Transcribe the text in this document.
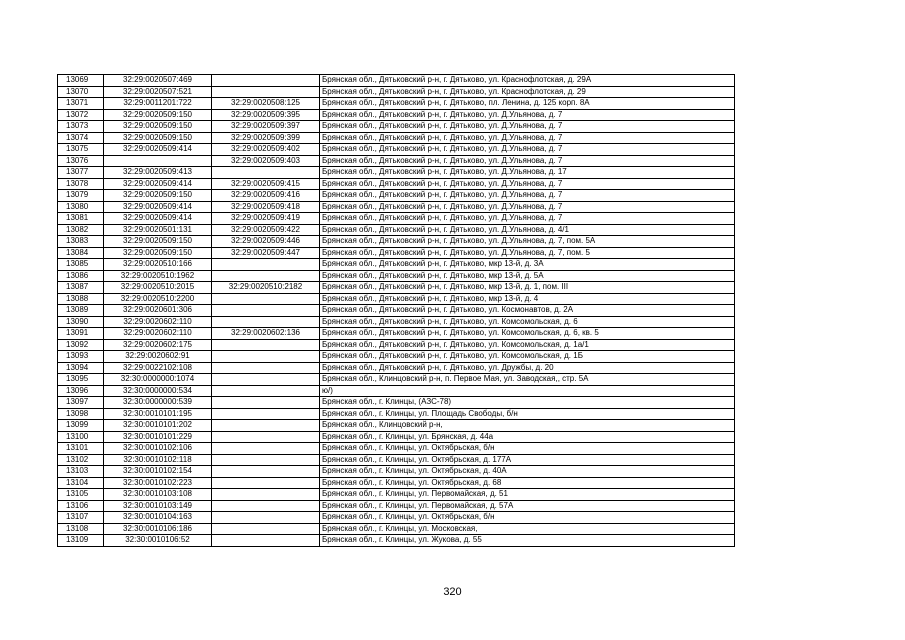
13069	32:29:0020507:469		Брянская обл., Дятьковский р-н, г. Дятьково, ул. Краснофлотская, д. 29А
13070	32:29:0020507:521		Брянская обл., Дятьковский р-н, г. Дятьково, ул. Краснофлотская, д. 29
13071	32:29:0011201:722	32:29:0020508:125	Брянская обл., Дятьковский р-н, г. Дятьково, пл. Ленина, д. 125 корп. 8А
13072	32:29:0020509:150	32:29:0020509:395	Брянская обл., Дятьковский р-н, г. Дятьково, ул. Д.Ульянова, д. 7
13073	32:29:0020509:150	32:29:0020509:397	Брянская обл., Дятьковский р-н, г. Дятьково, ул. Д.Ульянова, д. 7
13074	32:29:0020509:150	32:29:0020509:399	Брянская обл., Дятьковский р-н, г. Дятьково, ул. Д.Ульянова, д. 7
13075	32:29:0020509:414	32:29:0020509:402	Брянская обл., Дятьковский р-н, г. Дятьково, ул. Д.Ульянова, д. 7
13076		32:29:0020509:403	Брянская обл., Дятьковский р-н, г. Дятьково, ул. Д.Ульянова, д. 7
13077	32:29:0020509:413		Брянская обл., Дятьковский р-н, г. Дятьково, ул. Д.Ульянова, д. 17
13078	32:29:0020509:414	32:29:0020509:415	Брянская обл., Дятьковский р-н, г. Дятьково, ул. Д.Ульянова, д. 7
13079	32:29:0020509:150	32:29:0020509:416	Брянская обл., Дятьковский р-н, г. Дятьково, ул. Д.Ульянова, д. 7
13080	32:29:0020509:414	32:29:0020509:418	Брянская обл., Дятьковский р-н, г. Дятьково, ул. Д.Ульянова, д. 7
13081	32:29:0020509:414	32:29:0020509:419	Брянская обл., Дятьковский р-н, г. Дятьково, ул. Д.Ульянова, д. 7
13082	32:29:0020501:131	32:29:0020509:422	Брянская обл., Дятьковский р-н, г. Дятьково, ул. Д.Ульянова, д. 4/1
13083	32:29:0020509:150	32:29:0020509:446	Брянская обл., Дятьковский р-н, г. Дятьково, ул. Д.Ульянова, д. 7, пом. 5А
13084	32:29:0020509:150	32:29:0020509:447	Брянская обл., Дятьковский р-н, г. Дятьково, ул. Д.Ульянова, д. 7, пом. 5
13085	32:29:0020510:166		Брянская обл., Дятьковский р-н, г. Дятьково, мкр 13-й, д. 3А
13086	32:29:0020510:1962		Брянская обл., Дятьковский р-н, г. Дятьково, мкр 13-й, д. 5А
13087	32:29:0020510:2015	32:29:0020510:2182	Брянская обл., Дятьковский р-н, г. Дятьково, мкр 13-й, д. 1, пом. III
13088	32:29:0020510:2200		Брянская обл., Дятьковский р-н, г. Дятьково, мкр 13-й, д. 4
13089	32:29:0020601:306		Брянская обл., Дятьковский р-н, г. Дятьково, ул. Космонавтов, д. 2А
13090	32:29:0020602:110		Брянская обл., Дятьковский р-н, г. Дятьково, ул. Комсомольская, д. 6
13091	32:29:0020602:110	32:29:0020602:136	Брянская обл., Дятьковский р-н, г. Дятьково, ул. Комсомольская, д. 6, кв. 5
13092	32:29:0020602:175		Брянская обл., Дятьковский р-н, г. Дятьково, ул. Комсомольская, д. 1а/1
13093	32:29:0020602:91		Брянская обл., Дятьковский р-н, г. Дятьково, ул. Комсомольская, д. 1Б
13094	32:29:0022102:108		Брянская обл., Дятьковский р-н, г. Дятьково, ул. Дружбы, д. 20
13095	32:30:0000000:1074		Брянская обл., Клинцовский р-н, п. Первое Мая, ул. Заводская,, стр. 5А
13096	32:30:0000000:534		ю/)
13097	32:30:0000000:539		Брянская обл., г. Клинцы, (АЗС-78)
13098	32:30:0010101:195		Брянская обл., г. Клинцы, ул. Площадь Свободы, б/н
13099	32:30:0010101:202		Брянская обл., Клинцовский р-н,
13100	32:30:0010101:229		Брянская обл., г. Клинцы, ул. Брянская, д. 44а
13101	32:30:0010102:106		Брянская обл., г. Клинцы, ул. Октябрьская, б/н
13102	32:30:0010102:118		Брянская обл., г. Клинцы, ул. Октябрьская, д. 177А
13103	32:30:0010102:154		Брянская обл., г. Клинцы, ул. Октябрьская, д. 40А
13104	32:30:0010102:223		Брянская обл., г. Клинцы, ул. Октябрьская, д. 68
13105	32:30:0010103:108		Брянская обл., г. Клинцы, ул. Первомайская, д. 51
13106	32:30:0010103:149		Брянская обл., г. Клинцы, ул. Первомайская, д. 57А
13107	32:30:0010104:163		Брянская обл., г. Клинцы, ул. Октябрьская, б/н
13108	32:30:0010106:186		Брянская обл., г. Клинцы, ул. Московская,
13109	32:30:0010106:52		Брянская обл., г. Клинцы, ул. Жукова, д. 55
320
